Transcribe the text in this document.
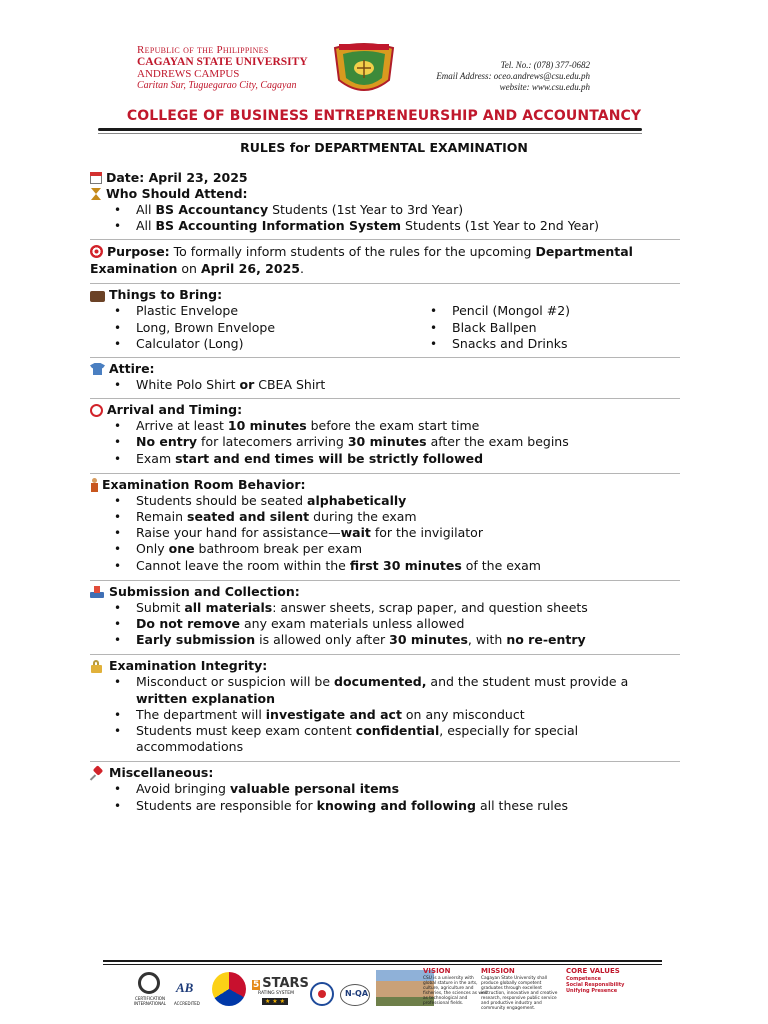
Republic of the Philippines
CAGAYAN STATE UNIVERSITY
ANDREWS CAMPUS
Caritan Sur, Tuguegarao City, Cagayan
Tel. No.: (078) 377-0682
Email Address: oceo.andrews@csu.edu.ph
website: www.csu.edu.ph
COLLEGE OF BUSINESS ENTREPRENEURSHIP AND ACCOUNTANCY
RULES for DEPARTMENTAL EXAMINATION
Date: April 23, 2025
Who Should Attend:
• All BS Accountancy Students (1st Year to 3rd Year)
• All BS Accounting Information System Students (1st Year to 2nd Year)
Purpose: To formally inform students of the rules for the upcoming Departmental Examination on April 26, 2025.
Things to Bring:
• Plastic Envelope
• Long, Brown Envelope
• Calculator (Long)
• Pencil (Mongol #2)
• Black Ballpen
• Snacks and Drinks
Attire:
• White Polo Shirt or CBEA Shirt
Arrival and Timing:
• Arrive at least 10 minutes before the exam start time
• No entry for latecomers arriving 30 minutes after the exam begins
• Exam start and end times will be strictly followed
Examination Room Behavior:
• Students should be seated alphabetically
• Remain seated and silent during the exam
• Raise your hand for assistance—wait for the invigilator
• Only one bathroom break per exam
• Cannot leave the room within the first 30 minutes of the exam
Submission and Collection:
• Submit all materials: answer sheets, scrap paper, and question sheets
• Do not remove any exam materials unless allowed
• Early submission is allowed only after 30 minutes, with no re-entry
Examination Integrity:
• Misconduct or suspicion will be documented, and the student must provide a written explanation
• The department will investigate and act on any misconduct
• Students must keep exam content confidential, especially for special accommodations
Miscellaneous:
• Avoid bringing valuable personal items
• Students are responsible for knowing and following all these rules
CERTIFICATION INTERNATIONAL
AB
ACCREDITED
5 STARS
RATING SYSTEM
★ ★ ★
N-QA
VISION
CSU is a university with global stature in the arts, culture, agriculture and fisheries, the sciences as well as technological and professional fields.
MISSION
Cagayan State University shall produce globally competent graduates through excellent instruction, innovative and creative research, responsive public service and productive industry and community engagement.
CORE VALUES
Competence
Social Responsibility
Unifying Presence
